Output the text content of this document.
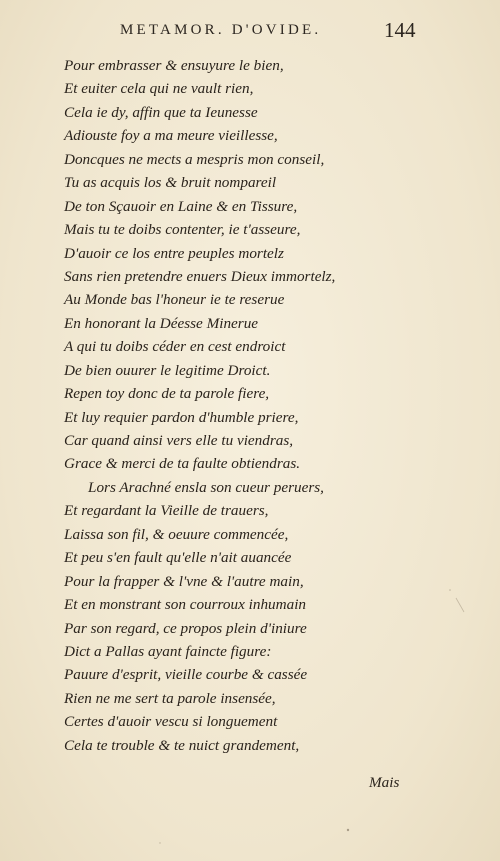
METAMOR. D'OVIDE.	144
Pour embrasser & ensuyure le bien,
Et euiter cela qui ne vault rien,
Cela ie dy, affin que ta Ieunesse
Adiouste foy a ma meure vieillesse,
Doncques ne mects a mespris mon conseil,
Tu as acquis los & bruit nompareil
De ton Sçauoir en Laine & en Tissure,
Mais tu te doibs contenter, ie t'asseure,
D'auoir ce los entre peuples mortelz
Sans rien pretendre enuers Dieux immortelz,
Au Monde bas l'honeur ie te reserue
En honorant la Déesse Mineruе
A qui tu doibs céder en cest endroict
De bien ouurer le legitime Droict.
Repen toy donc de ta parole fiere,
Et luy requier pardon d'humble priere,
Car quand ainsi vers elle tu viendras,
Grace & merci de ta faulte obtiendras.
Lors Arachné ensla son cueur peruers,
Et regardant la Vieille de trauers,
Laissa son fil, & oeuure commencée,
Et peu s'en fault qu'elle n'ait auancée
Pour la frapper & l'vne & l'autre main,
Et en monstrant son courroux inhumain
Par son regard, ce propos plein d'iniure
Dict a Pallas ayant faincte figure:
Pauure d'esprit, vieille courbe & cassée
Rien ne me sert ta parole insensée,
Certes d'auoir vescu si longuement
Cela te trouble & te nuict grandement,
Mais
